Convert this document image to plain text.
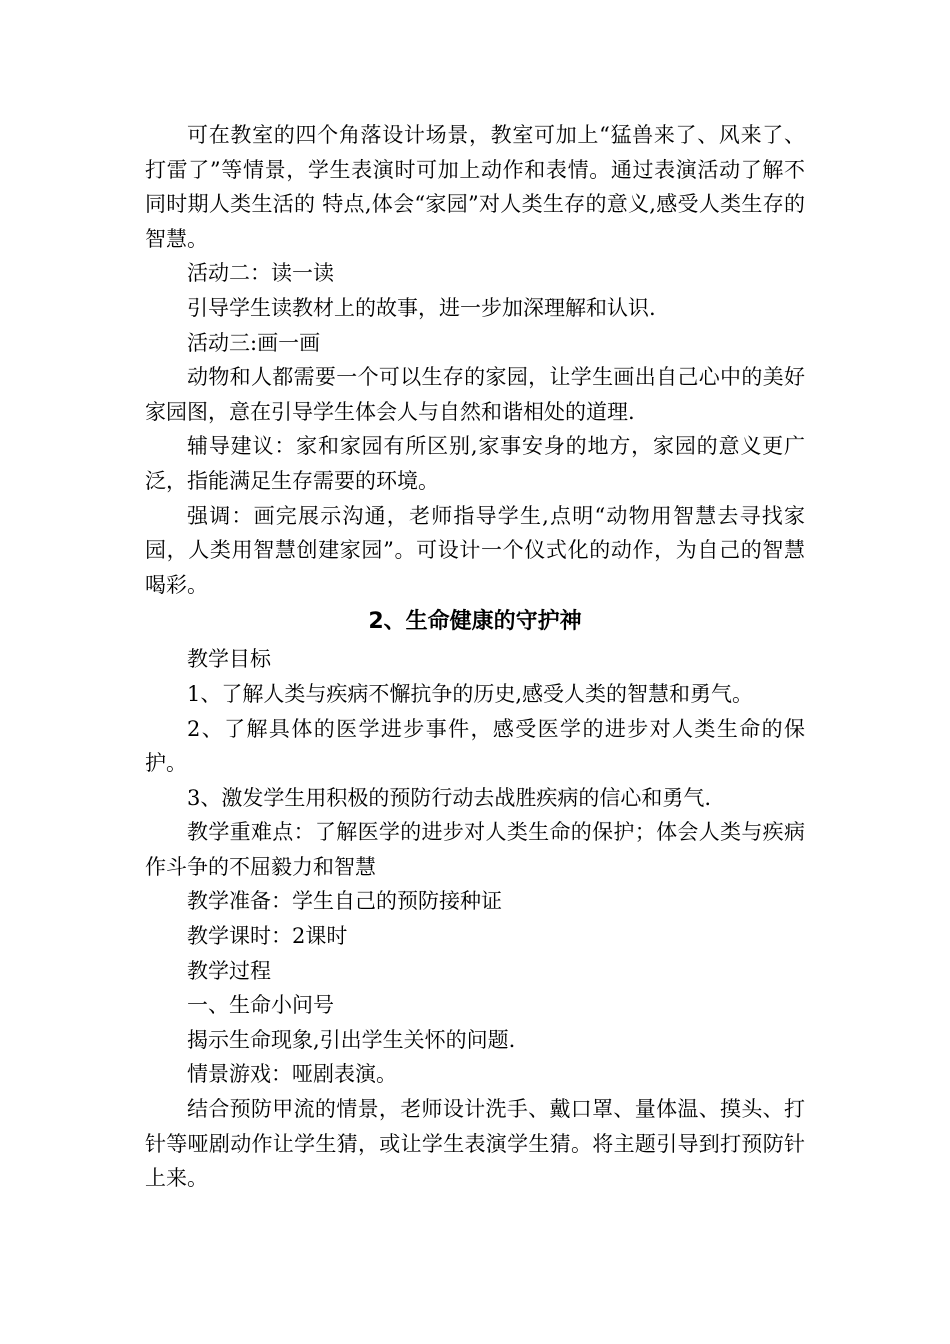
可在教室的四个角落设计场景，教室可加上“猛兽来了、风来了、打雷了”等情景，学生表演时可加上动作和表情。通过表演活动了解不同时期人类生活的 特点,体会“家园”对人类生存的意义,感受人类生存的智慧。

活动二：读一读

引导学生读教材上的故事，进一步加深理解和认识.

活动三:画一画

动物和人都需要一个可以生存的家园，让学生画出自己心中的美好家园图，意在引导学生体会人与自然和谐相处的道理.

辅导建议：家和家园有所区别,家事安身的地方，家园的意义更广泛，指能满足生存需要的环境。

强调：画完展示沟通，老师指导学生,点明“动物用智慧去寻找家园，人类用智慧创建家园”。可设计一个仪式化的动作，为自己的智慧喝彩。

2、生命健康的守护神

教学目标

1、了解人类与疾病不懈抗争的历史,感受人类的智慧和勇气。

2、了解具体的医学进步事件，感受医学的进步对人类生命的保护。

3、激发学生用积极的预防行动去战胜疾病的信心和勇气.

教学重难点：了解医学的进步对人类生命的保护；体会人类与疾病作斗争的不屈毅力和智慧

教学准备：学生自己的预防接种证

教学课时：2课时

教学过程

一、生命小问号

揭示生命现象,引出学生关怀的问题.

情景游戏：哑剧表演。

结合预防甲流的情景，老师设计洗手、戴口罩、量体温、摸头、打针等哑剧动作让学生猜，或让学生表演学生猜。将主题引导到打预防针上来。
